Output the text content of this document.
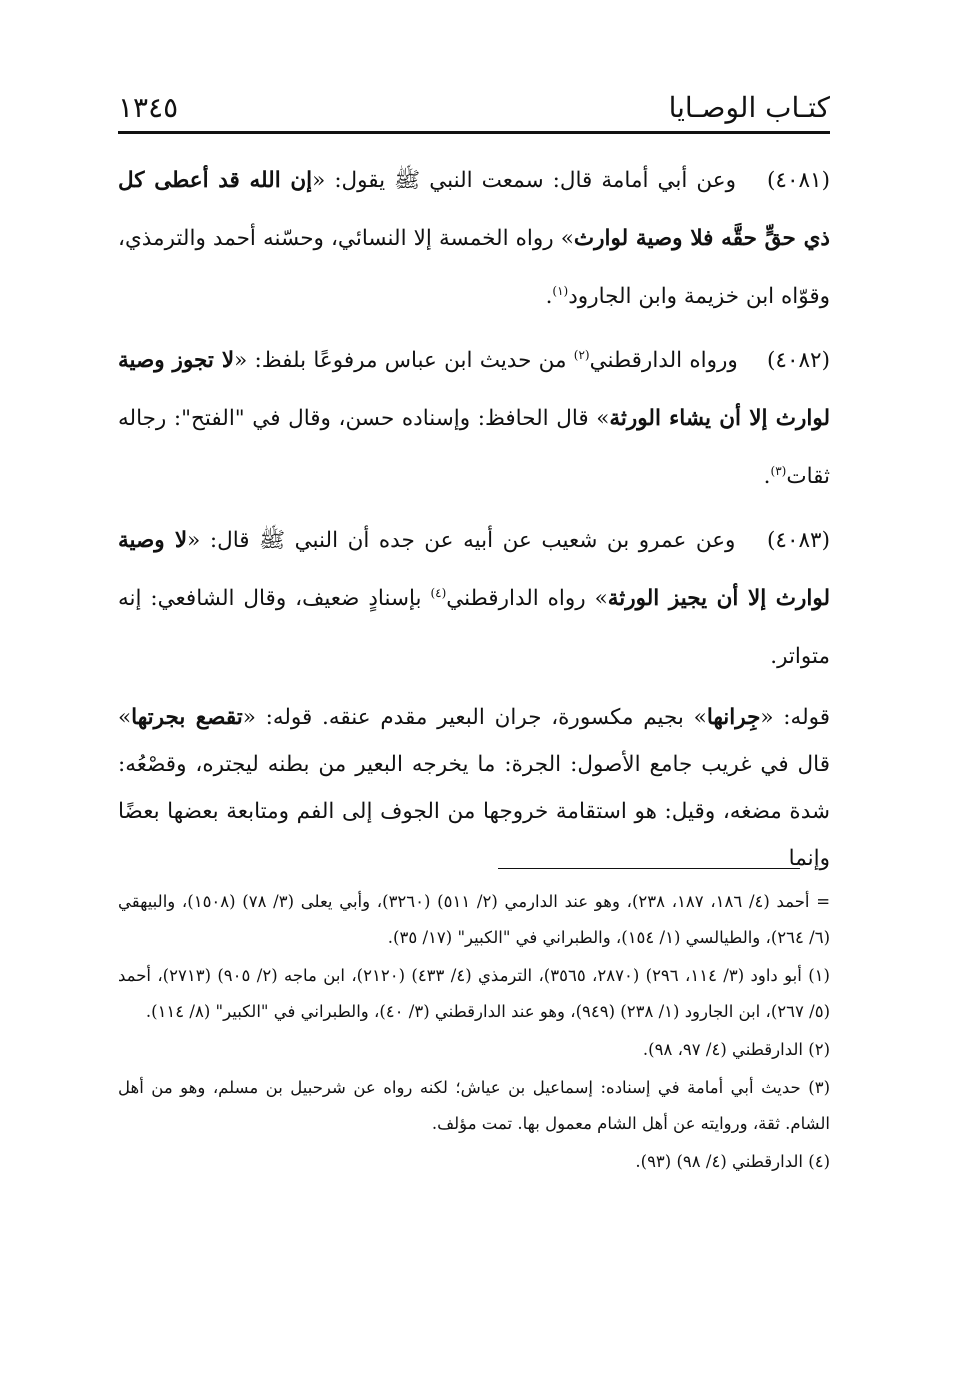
كتـاب الوصـايا
١٣٤٥

(٤٠٨١) وعن أبي أمامة قال: سمعت النبي ﷺ يقول: «إن الله قد أعطى كل ذي حقٍّ حقَّه فلا وصية لوارث» رواه الخمسة إلا النسائي، وحسّنه أحمد والترمذي، وقوّاه ابن خزيمة وابن الجارود$^{(١)}$.

(٤٠٨٢) ورواه الدارقطني$^{(٢)}$ من حديث ابن عباس مرفوعًا بلفظ: «لا تجوز وصية لوارث إلا أن يشاء الورثة» قال الحافظ: وإسناده حسن، وقال في "الفتح": رجاله ثقات$^{(٣)}$.

(٤٠٨٣) وعن عمرو بن شعيب عن أبيه عن جده أن النبي ﷺ قال: «لا وصية لوارث إلا أن يجيز الورثة» رواه الدارقطني$^{(٤)}$ بإسنادٍ ضعيف، وقال الشافعي: إنه متواتر.

قوله: «جِرانها» بجيم مكسورة، جران البعير مقدم عنقه. قوله: «تقصع بجرتها» قال في غريب جامع الأصول: الجرة: ما يخرجه البعير من بطنه ليجتره، وقصْعُه: شدة مضغه، وقيل: هو استقامة خروجها من الجوف إلى الفم ومتابعة بعضها بعضًا وإنما

= أحمد (٤/ ١٨٦، ١٨٧، ٢٣٨)، وهو عند الدارمي (٢/ ٥١١) (٣٢٦٠)، وأبي يعلى (٣/ ٧٨) (١٥٠٨)، والبيهقي (٦/ ٢٦٤)، والطيالسي (١/ ١٥٤)، والطبراني في "الكبير" (١٧/ ٣٥).

(١) أبو داود (٣/ ١١٤، ٢٩٦) (٢٨٧٠، ٣٥٦٥)، الترمذي (٤/ ٤٣٣) (٢١٢٠)، ابن ماجه (٢/ ٩٠٥) (٢٧١٣)، أحمد (٥/ ٢٦٧)، ابن الجارود (١/ ٢٣٨) (٩٤٩)، وهو عند الدارقطني (٣/ ٤٠)، والطبراني في "الكبير" (٨/ ١١٤).

(٢) الدارقطني (٤/ ٩٧، ٩٨).

(٣) حديث أبي أمامة في إسناده: إسماعيل بن عياش؛ لكنه رواه عن شرحبيل بن مسلم، وهو من أهل الشام. ثقة، وروايته عن أهل الشام معمول بها. تمت مؤلف.

(٤) الدارقطني (٤/ ٩٨) (٩٣).
